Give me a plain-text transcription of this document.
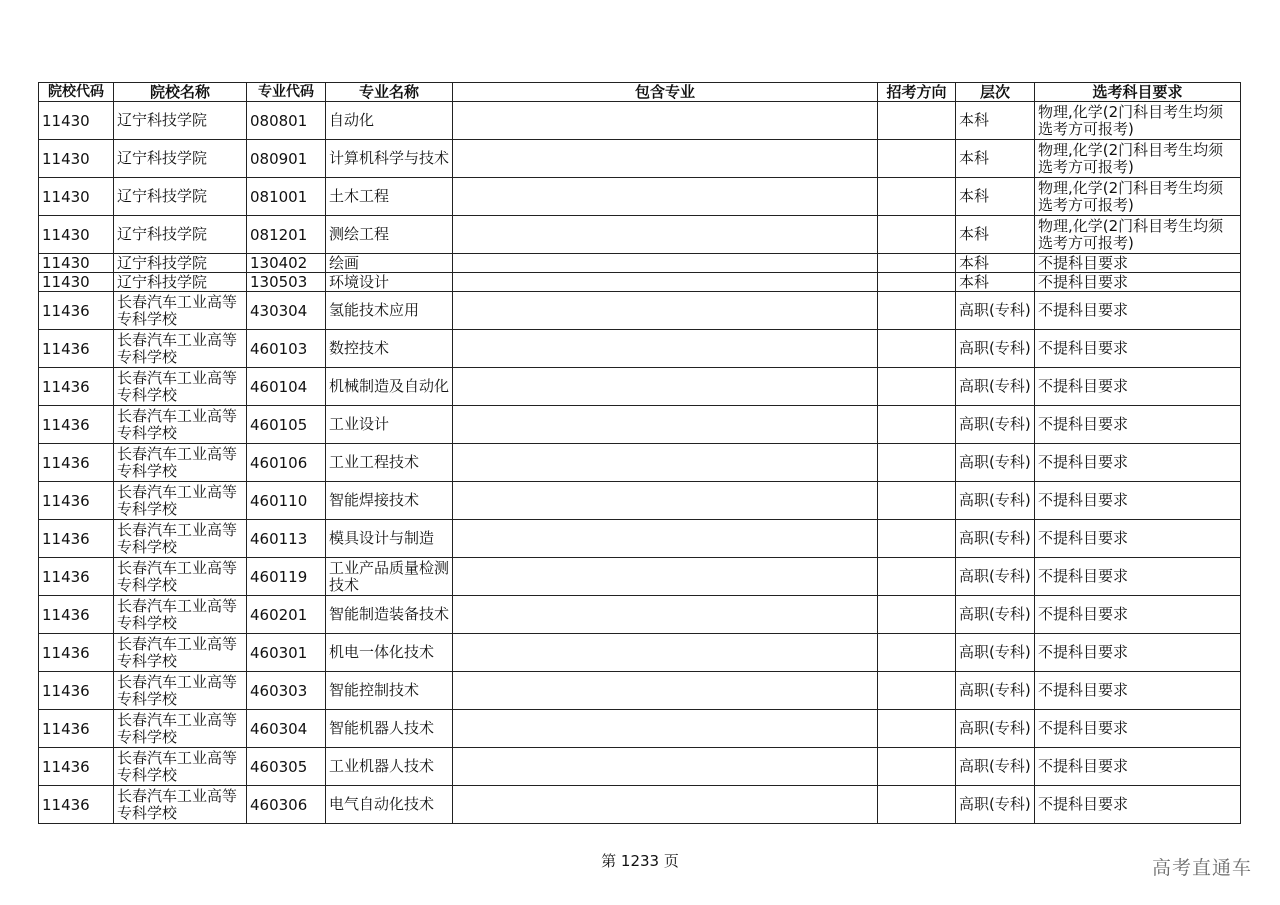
院校代码	院校名称	专业代码	专业名称	包含专业	招考方向	层次	选考科目要求
11430	辽宁科技学院	080801	自动化			本科	物理,化学(2门科目考生均须选考方可报考)
11430	辽宁科技学院	080901	计算机科学与技术			本科	物理,化学(2门科目考生均须选考方可报考)
11430	辽宁科技学院	081001	土木工程			本科	物理,化学(2门科目考生均须选考方可报考)
11430	辽宁科技学院	081201	测绘工程			本科	物理,化学(2门科目考生均须选考方可报考)
11430	辽宁科技学院	130402	绘画			本科	不提科目要求
11430	辽宁科技学院	130503	环境设计			本科	不提科目要求
11436	长春汽车工业高等专科学校	430304	氢能技术应用			高职(专科)	不提科目要求
11436	长春汽车工业高等专科学校	460103	数控技术			高职(专科)	不提科目要求
11436	长春汽车工业高等专科学校	460104	机械制造及自动化			高职(专科)	不提科目要求
11436	长春汽车工业高等专科学校	460105	工业设计			高职(专科)	不提科目要求
11436	长春汽车工业高等专科学校	460106	工业工程技术			高职(专科)	不提科目要求
11436	长春汽车工业高等专科学校	460110	智能焊接技术			高职(专科)	不提科目要求
11436	长春汽车工业高等专科学校	460113	模具设计与制造			高职(专科)	不提科目要求
11436	长春汽车工业高等专科学校	460119	工业产品质量检测技术			高职(专科)	不提科目要求
11436	长春汽车工业高等专科学校	460201	智能制造装备技术			高职(专科)	不提科目要求
11436	长春汽车工业高等专科学校	460301	机电一体化技术			高职(专科)	不提科目要求
11436	长春汽车工业高等专科学校	460303	智能控制技术			高职(专科)	不提科目要求
11436	长春汽车工业高等专科学校	460304	智能机器人技术			高职(专科)	不提科目要求
11436	长春汽车工业高等专科学校	460305	工业机器人技术			高职(专科)	不提科目要求
11436	长春汽车工业高等专科学校	460306	电气自动化技术			高职(专科)	不提科目要求
第 1233 页	高考直通车
